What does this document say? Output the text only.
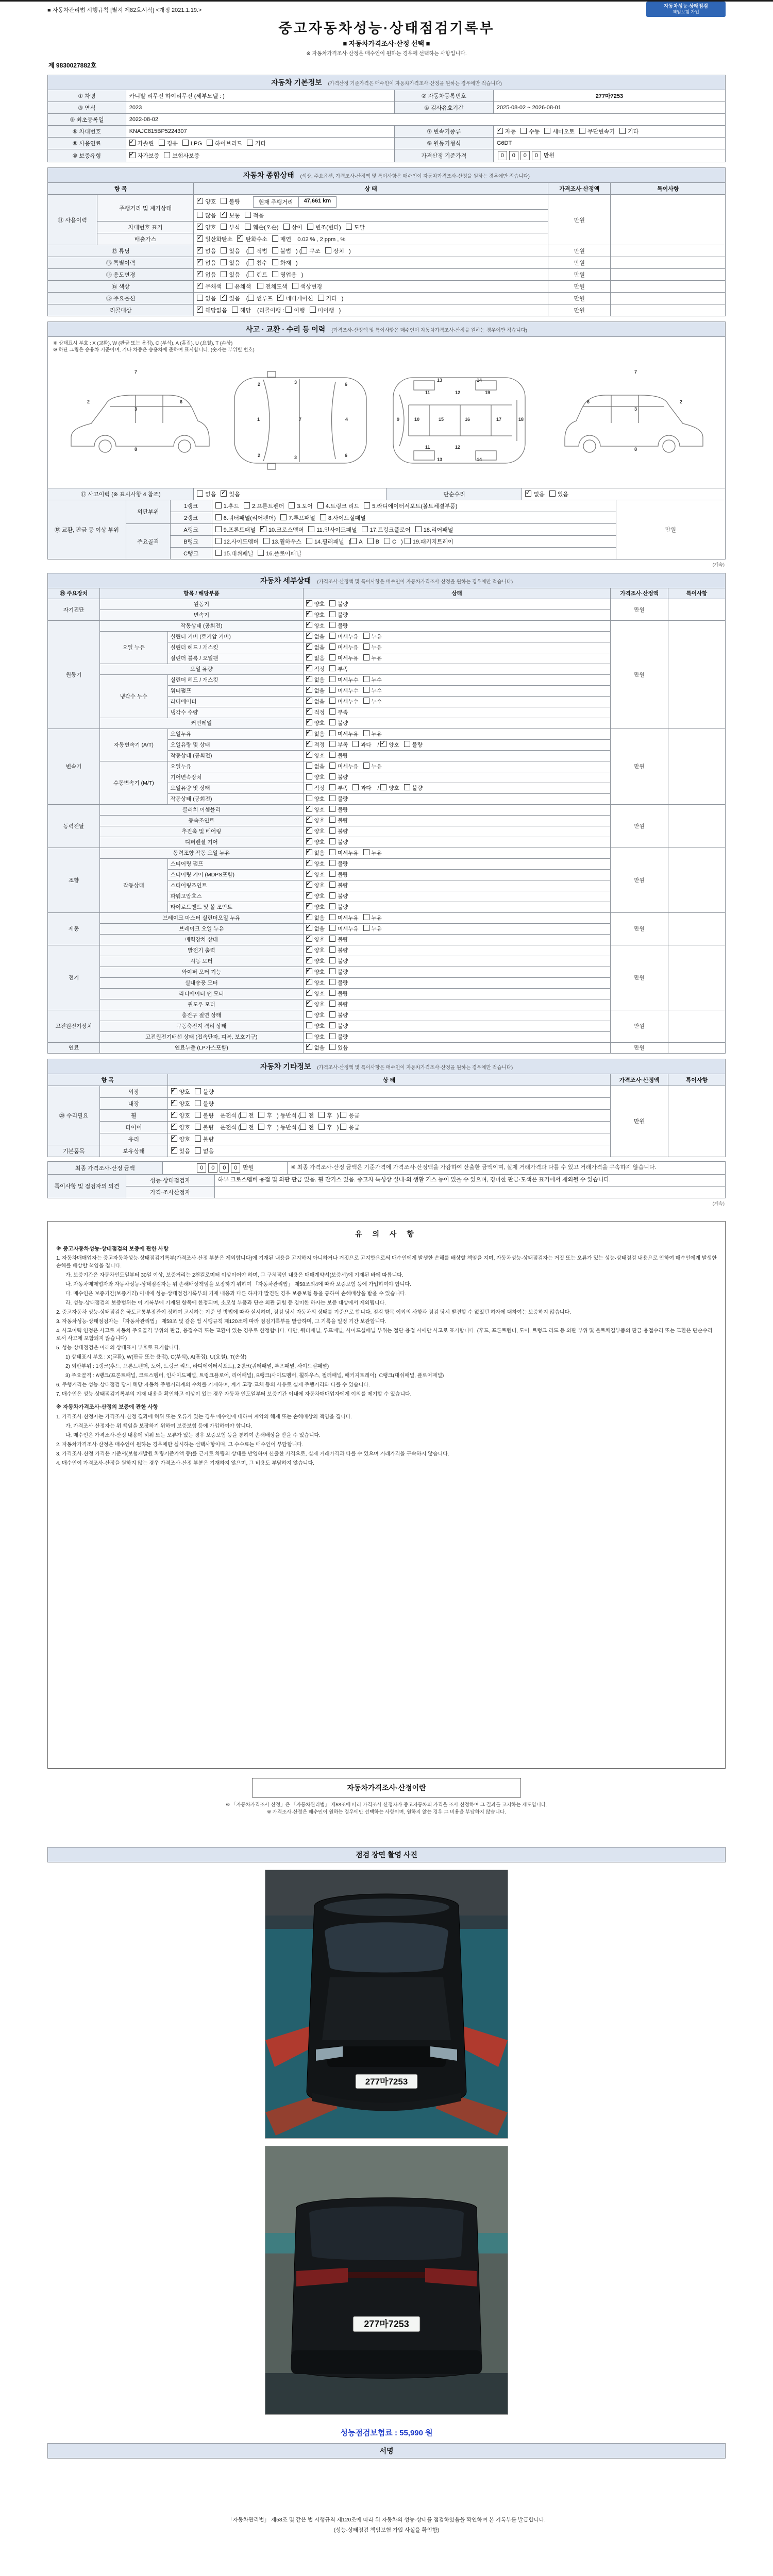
■ 자동차관리법 시행규칙 [별지 제82호서식] <개정 2021.1.19.>
자동차성능·상태점검
책임보험 가입
중고자동차성능·상태점검기록부
■ 자동차가격조사·산정 선택 ■
※ 자동차가격조사·산정은 매수인이 원하는 경우에 선택하는 사항입니다.
제 9830027882호
자동차 기본정보 (가격산정 기준가격은 매수인이 자동차가격조사·산정을 원하는 경우에만 적습니다)
① 차명	카니발 리무진 하이리무진 (세부모델 : )	② 자동차등록번호	277마7253
③ 연식	2023	④ 검사유효기간	2025-08-02 ~ 2026-08-01
⑤ 최초등록일	2022-08-02		
⑥ 차대번호	KNAJC815BP5224307	⑦ 변속기종류	✓자동 수동 세미오토 무단변속기 기타
⑧ 사용연료	✓가솔린 경유 LPG 하이브리드 기타	⑨ 원동기형식	G6DT
⑩ 보증유형	✓자가보증 보험사보증	가격산정 기준가격	0 0 0 0 만원
자동차 종합상태 (색상, 주요옵션, 가격조사·산정액 및 특이사항은 매수인이 자동차가격조사·산정을 원하는 경우에만 적습니다)
항 목		상 태	가격조사·산정액	특이사항
⑪ 사용이력	주행거리 및 계기상태	✓양호 불량 현재 주행거리 47,661 km	만원	
		많음 ✓ 보통 적음
	차대번호 표기	✓양호 부식 훼손(오손) 상이 변조(변타) 도말
	배출가스	✓일산화탄소 ✓ 탄화수소 매연 0.02 % , 2 ppm , %
⑫ 튜닝	✓없음 있음 ( 적법 불법 ) ( 구조 장치 )	만원	
⑬ 특별이력	✓없음 있음 ( 침수 화재 )	만원	
⑭ 용도변경	✓없음 있음 ( 렌트 영업용 )	만원	
⑮ 색상	✓무채색 유채색 전체도색 색상변경	만원	
⑯ 주요옵션		없음 ✓ 있음 ( 썬루프 ✓ 네비게이션 기타 )	만원	
리콜대상	✓해당없음 해당 (리콜이행 : 이행 미이행 )	만원	
사고 · 교환 · 수리 등 이력 (가격조사·산정액 및 특이사항은 매수인이 자동차가격조사·산정을 원하는 경우에만 적습니다)
※ 상태표시 부호 : X (교환), W (판금 또는 용접), C (부식), A (흠집), U (요철), T (손상)
※ 하단 그림은 승용차 기준이며, 기타 차종은 승용차에 준하여 표시합니다. (숫자는 부위별 번호)
7
2
3
6
8
2	3	6
1	7	4
2	3	6
9	10	15	16	17	18
11	12
13	14
19
11	12
13	14
7
6
3
2
8
⑰ 사고이력 (※ 표시사항 4 참조)	없음 ✓ 있음	단순수리	✓없음 있음
⑱ 교환, 판금 등 이상 부위	외판부위	1랭크	1.후드 2.프론트펜더 3.도어 4.트렁크 리드 5.라디에이터서포트(볼트체결부품)	만원
		2랭크	6.쿼터패널(리어펜더) 7.루프패널 8.사이드실패널	
	주요골격	A랭크	9.프론트패널 ✓ 10.크로스멤버 11.인사이드패널 17.트렁크플로어 18.리어패널
		B랭크	12.사이드멤버 13.휠하우스 14.필러패널 ( A B C ) 19.패키지트레이	
		C랭크	15.대쉬패널 16.플로어패널	
(계속)
자동차 세부상태 (가격조사·산정액 및 특이사항은 매수인이 자동차가격조사·산정을 원하는 경우에만 적습니다)
⑲ 주요장치	항목 / 해당부품		상태	가격조사·산정액	특이사항
자기진단	원동기	✓양호 불량	만원	
	변속기	✓양호 불량
원동기	작동상태 (공회전)	✓양호 불량	만원	
	오일 누유	실린더 커버 (로커암 커버)	✓없음 미세누유 누유
		실린더 헤드 / 개스킷	✓없음 미세누유 누유
		실린더 블록 / 오일팬	✓없음 미세누유 누유
	오일 유량	✓적정 부족
	냉각수 누수	실린더 헤드 / 개스킷	✓없음 미세누수 누수
		워터펌프	✓없음 미세누수 누수
		라디에이터	✓없음 미세누수 누수
		냉각수 수량	✓적정 부족
	커먼레일	✓양호 불량
변속기	자동변속기 (A/T)	오일누유	✓없음 미세누유 누유	만원	
		오일유량 및 상태	✓적정 부족 과다 / ✓양호 불량
		작동상태 (공회전)	✓양호 불량
	수동변속기 (M/T)	오일누유	없음 미세누유 누유		
		기어변속장치	양호 불량		
		오일유량 및 상태	적정 부족 과다 / 양호 불량		
		작동상태 (공회전)	양호 불량		
동력전달	클러치 어셈블리	✓양호 불량	만원	
	등속조인트	✓양호 불량
	추진축 및 베어링	✓양호 불량
	디퍼렌셜 기어	✓양호 불량
조향	동력조향 작동 오일 누유	✓없음 미세누유 누유	만원	
	작동상태	스티어링 펌프	✓양호 불량
		스티어링 기어 (MDPS포함)	✓양호 불량
		스티어링조인트	✓양호 불량
		파워고압호스	✓양호 불량
		타이로드엔드 및 볼 조인트	✓양호 불량
제동	브레이크 마스터 실린더오일 누유	✓없음 미세누유 누유	만원	
	브레이크 오일 누유	✓없음 미세누유 누유
	배력장치 상태	✓양호 불량
전기	발전기 출력	✓양호 불량	만원	
	시동 모터	✓양호 불량
	와이퍼 모터 기능	✓양호 불량
	실내송풍 모터	✓양호 불량
	라디에이터 팬 모터	✓양호 불량
	윈도우 모터	✓양호 불량
고전원전기장치	충전구 절연 상태		양호 불량	만원	
	구동축전지 격리 상태		양호 불량		
	고전원전기배선 상태 (접속단자, 피복, 보호기구)		양호 불량		
연료	연료누출 (LP가스포함)	✓없음 있음	만원	
자동차 기타정보 (가격조사·산정액 및 특이사항은 매수인이 자동차가격조사·산정을 원하는 경우에만 적습니다)
항 목		상 태	가격조사·산정액	특이사항
⑳ 수리필요	외장	✓양호 불량	만원	
	내장	✓양호 불량
	휠	✓양호 불량 운전석 ( 전 후 ) 동반석 ( 전 후 ) 응급
	타이어	✓양호 불량 운전석 ( 전 후 ) 동반석 ( 전 후 ) 응급
	유리	✓양호 불량
기본품목	보유상태	✓있음 없음
최종 가격조사·산정 금액	0 0 0 0 만원	※ 최종 가격조사·산정 금액은 기준가격에 가격조사·산정액을 가감하여 산출한 금액이며, 실제 거래가격과 다를 수 있고 거래가격을 구속하지 않습니다.
특이사항 및 점검자의 의견	성능·상태점검자	하부 크로스멤버 용접 및 외판 판금 있음. 휠 잔기스 있음. 중고차 특성상 실내·외 생활 기스 등이 있을 수 있으며, 경미한 판금·도색은 표기에서 제외될 수 있습니다.
	가격·조사산정자	
(계속)
유 의 사 항
※ 중고자동차성능·상태점검의 보증에 관한 사항
1. 자동차매매업자는 중고자동차성능·상태점검기록부(가격조사·산정 부분은 제외합니다)에 기재된 내용을 고지하지 아니하거나 거짓으로 고지함으로써 매수인에게 발생한 손해를 배상할 책임을 지며, 자동차성능·상태점검자는 거짓 또는 오류가 있는 성능·상태점검 내용으로 인하여 매수인에게 발생한 손해를 배상할 책임을 집니다.
가. 보증기간은 자동차인도일부터 30일 이상, 보증거리는 2천킬로미터 이상이어야 하며, 그 구체적인 내용은 매매계약서(보증서)에 기재된 바에 따릅니다.
나. 자동차매매업자와 자동차성능·상태점검자는 위 손해배상책임을 보장하기 위하여 「자동차관리법」 제58조의4에 따라 보증보험 등에 가입하여야 합니다.
다. 매수인은 보증기간(보증거리) 이내에 성능·상태점검기록부의 기재 내용과 다른 하자가 발견된 경우 보증보험 등을 통하여 손해배상을 받을 수 있습니다.
라. 성능·상태점검의 보증범위는 이 기록부에 기재된 항목에 한정되며, 소모성 부품과 단순 외관 긁힘 등 경미한 하자는 보증 대상에서 제외됩니다.
2. 중고자동차 성능·상태점검은 국토교통부장관이 정하여 고시하는 기준 및 방법에 따라 실시하며, 점검 당시 자동차의 상태를 기준으로 합니다. 점검 항목 이외의 사항과 점검 당시 발견할 수 없었던 하자에 대하여는 보증하지 않습니다.
3. 자동차성능·상태점검자는 「자동차관리법」 제58조 및 같은 법 시행규칙 제120조에 따라 점검기록부를 발급하며, 그 기록을 일정 기간 보관합니다.
4. 사고이력 인정은 사고로 자동차 주요골격 부위의 판금, 용접수리 또는 교환이 있는 경우로 한정합니다. 다만, 쿼터패널, 루프패널, 사이드실패널 부위는 절단·용접 시에만 사고로 표기합니다. (후드, 프론트펜더, 도어, 트렁크 리드 등 외판 부위 및 볼트체결부품의 판금·용접수리 또는 교환은 단순수리로서 사고에 포함되지 않습니다)
5. 성능·상태점검은 아래의 상태표시 부호로 표기합니다.
1) 상태표시 부호 : X(교환), W(판금 또는 용접), C(부식), A(흠집), U(요철), T(손상)
2) 외판부위 : 1랭크(후드, 프론트펜더, 도어, 트렁크 리드, 라디에이터서포트), 2랭크(쿼터패널, 루프패널, 사이드실패널)
3) 주요골격 : A랭크(프론트패널, 크로스멤버, 인사이드패널, 트렁크플로어, 리어패널), B랭크(사이드멤버, 휠하우스, 필러패널, 패키지트레이), C랭크(대쉬패널, 플로어패널)
6. 주행거리는 성능·상태점검 당시 해당 자동차 주행거리계의 수치를 기재하며, 계기 고장·교체 등의 사유로 실제 주행거리와 다를 수 있습니다.
7. 매수인은 성능·상태점검기록부의 기재 내용을 확인하고 이상이 있는 경우 자동차 인도일부터 보증기간 이내에 자동차매매업자에게 이의를 제기할 수 있습니다.
※ 자동차가격조사·산정의 보증에 관한 사항
1. 가격조사·산정자는 가격조사·산정 결과에 허위 또는 오류가 있는 경우 매수인에 대하여 계약의 해제 또는 손해배상의 책임을 집니다.
가. 가격조사·산정자는 위 책임을 보장하기 위하여 보증보험 등에 가입하여야 합니다.
나. 매수인은 가격조사·산정 내용에 허위 또는 오류가 있는 경우 보증보험 등을 통하여 손해배상을 받을 수 있습니다.
2. 자동차가격조사·산정은 매수인이 원하는 경우에만 실시하는 선택사항이며, 그 수수료는 매수인이 부담합니다.
3. 가격조사·산정 가격은 기준서(보험개발원 차량기준가액 등)를 근거로 차량의 상태를 반영하여 산출한 가격으로, 실제 거래가격과 다를 수 있으며 거래가격을 구속하지 않습니다.
4. 매수인이 가격조사·산정을 원하지 않는 경우 가격조사·산정 부분은 기재하지 않으며, 그 비용도 부담하지 않습니다.
자동차가격조사·산정이란
※ 「자동차가격조사·산정」은 「자동차관리법」 제58조에 따라 가격조사·산정자가 중고자동차의 가격을 조사·산정하여 그 결과를 고지하는 제도입니다.
※ 가격조사·산정은 매수인이 원하는 경우에만 선택하는 사항이며, 원하지 않는 경우 그 비용을 부담하지 않습니다.
점검 장면 촬영 사진
277마7253
277마7253
성능점검보험료 : 55,990 원
서명
「자동차관리법」 제58조 및 같은 법 시행규칙 제120조에 따라 위 자동차의 성능·상태를 점검하였음을 확인하며 본 기록부를 발급합니다.
(성능·상태점검 책임보험 가입 사실을 확인함)
